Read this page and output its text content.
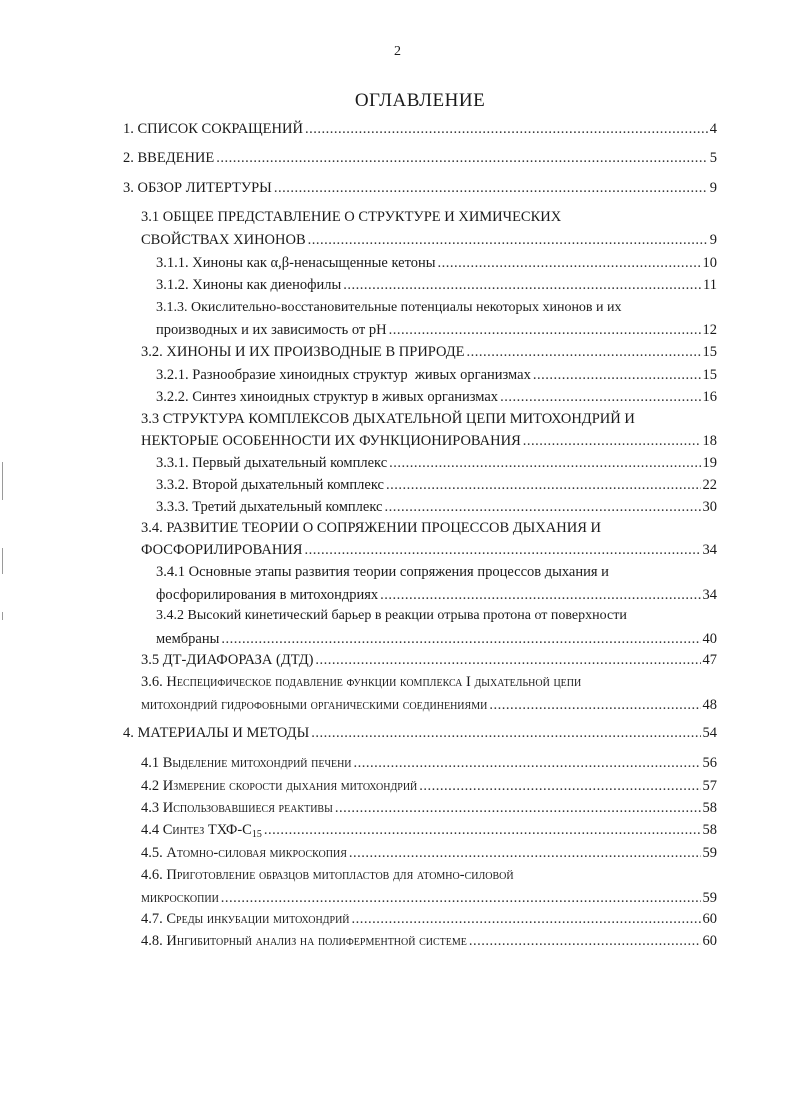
2
ОГЛАВЛЕНИЕ
1. СПИСОК СОКРАЩЕНИЙ .....	4
2. ВВЕДЕНИЕ .....	5
3. ОБЗОР ЛИТЕРТУРЫ .....	9
3.1 ОБЩЕЕ ПРЕДСТАВЛЕНИЕ О СТРУКТУРЕ И ХИМИЧЕСКИХ
СВОЙСТВАХ ХИНОНОВ .....	9
3.1.1. Хиноны как α,β-ненасыщенные кетоны .....	10
3.1.2. Хиноны как диенофилы .....	11
3.1.3. Окислительно-восстановительные потенциалы некоторых хинонов и их
производных и их зависимость от pH .....	12
3.2. ХИНОНЫ И ИХ ПРОИЗВОДНЫЕ В ПРИРОДЕ .....	15
3.2.1. Разнообразие хиноидных структур  живых организмах .....	15
3.2.2. Синтез хиноидных структур в живых организмах .....	16
3.3 СТРУКТУРА КОМПЛЕКСОВ ДЫХАТЕЛЬНОЙ ЦЕПИ МИТОХОНДРИЙ И
НЕКТОРЫЕ ОСОБЕННОСТИ ИХ ФУНКЦИОНИРОВАНИЯ .....	18
3.3.1. Первый дыхательный комплекс .....	19
3.3.2. Второй дыхательный комплекс .....	22
3.3.3. Третий дыхательный комплекс .....	30
3.4. РАЗВИТИЕ ТЕОРИИ О СОПРЯЖЕНИИ ПРОЦЕССОВ ДЫХАНИЯ И
ФОСФОРИЛИРОВАНИЯ .....	34
3.4.1 Основные этапы развития теории сопряжения процессов дыхания и
фосфорилирования в митохондриях .....	34
3.4.2 Высокий кинетический барьер в реакции отрыва протона от поверхности
мембраны .....	40
3.5 ДТ-ДИАФОРАЗА (ДТД) .....	47
3.6. Неспецифическое подавление функции комплекса I дыхательной цепи
митохондрий гидрофобными органическими соединениями .....	48
4. МАТЕРИАЛЫ И МЕТОДЫ .....	54
4.1 Выделение митохондрий печени .....	56
4.2 Измерение скорости дыхания митохондрий .....	57
4.3 Использовавшиеся реактивы .....	58
4.4 Синтез ТХФ-$С_{15}$ .....	58
4.5. Атомно-силовая микроскопия .....	59
4.6. Приготовление образцов митопластов для атомно-силовой
микроскопии .....	59
4.7. Среды инкубации митохондрий .....	60
4.8. Ингибиторный анализ на полиферментной системе .....	60
